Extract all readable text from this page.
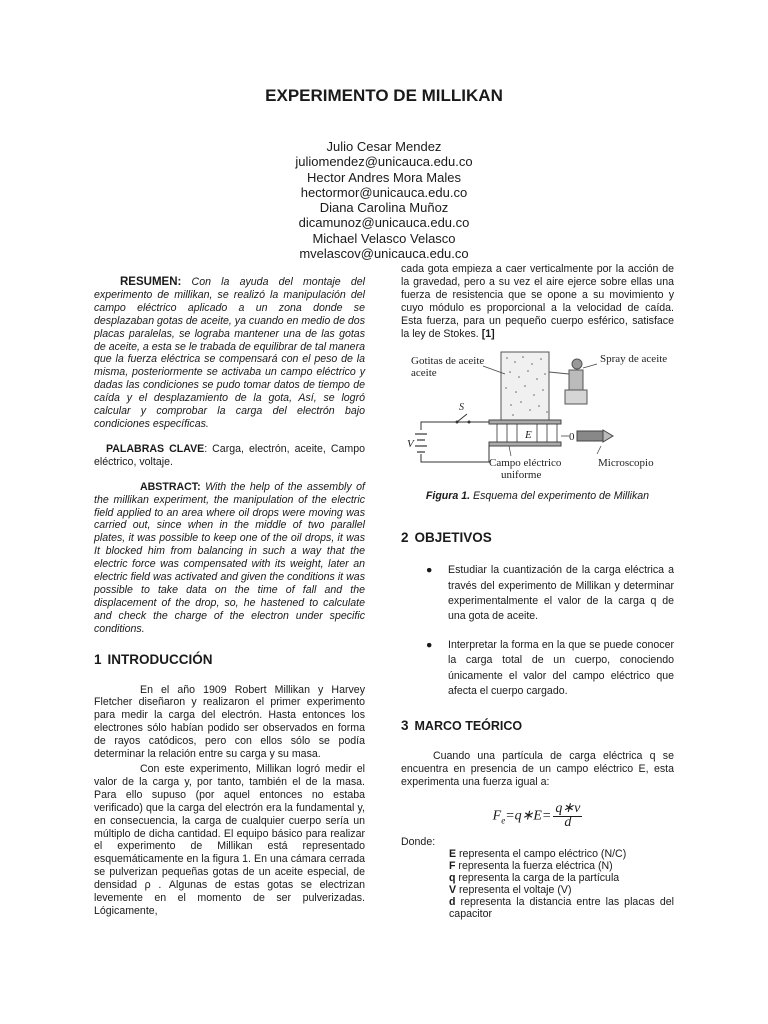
EXPERIMENTO DE MILLIKAN
Julio Cesar Mendez
juliomendez@unicauca.edu.co
Hector Andres Mora Males
hectormor@unicauca.edu.co
Diana Carolina Muñoz
dicamunoz@unicauca.edu.co
Michael Velasco Velasco
mvelascov@unicauca.edu.co

RESUMEN: Con la ayuda del montaje del experimento de millikan, se realizó la manipulación del campo eléctrico aplicado a un zona donde se desplazaban gotas de aceite, ya cuando en medio de dos placas paralelas, se lograba mantener una de las gotas de aceite, a esta se le trabada de equilibrar de tal manera que la fuerza eléctrica se compensará con el peso de la misma, posteriormente se activaba un campo eléctrico y dadas las condiciones se pudo tomar datos de tiempo de caída y el desplazamiento de la gota, Así, se logró calcular y comprobar la carga del electrón bajo condiciones específicas.

PALABRAS CLAVE: Carga, electrón, aceite, Campo eléctrico, voltaje.

ABSTRACT: With the help of the assembly of the millikan experiment, the manipulation of the electric field applied to an area where oil drops were moving was carried out, since when in the middle of two parallel plates, it was possible to keep one of the oil drops, it was It blocked him from balancing in such a way that the electric force was compensated with its weight, later an electric field was activated and given the conditions it was possible to take data on the time of fall and the displacement of the drop, so, he hastened to calculate and check the charge of the electron under specific conditions.

1 INTRODUCCIÓN

En el año 1909 Robert Millikan y Harvey Fletcher diseñaron y realizaron el primer experimento para medir la carga del electrón. Hasta entonces los electrones sólo habían podido ser observados en forma de rayos catódicos, pero con ellos sólo se podía determinar la relación entre su carga y su masa.

Con este experimento, Millikan logró medir el valor de la carga y, por tanto, también el de la masa. Para ello supuso (por aquel entonces no estaba verificado) que la carga del electrón era la fundamental y, en consecuencia, la carga de cualquier cuerpo sería un múltiplo de dicha cantidad. El equipo básico para realizar el experimento de Millikan está representado esquemáticamente en la figura 1. En una cámara cerrada se pulverizan pequeñas gotas de un aceite especial, de densidad ρ . Algunas de estas gotas se electrizan levemente en el momento de ser pulverizadas. Lógicamente,

cada gota empieza a caer verticalmente por la acción de la gravedad, pero a su vez el aire ejerce sobre ellas una fuerza de resistencia que se opone a su movimiento y cuyo módulo es proporcional a la velocidad de caída. Esta fuerza, para un pequeño cuerpo esférico, satisface la ley de Stokes. [1]

Gotitas de aceite
aceite
Spray de aceite
E
V
S
0
Microscopio
Campo eléctrico
uniforme

Figura 1. Esquema del experimento de Millikan

2 OBJETIVOS
● Estudiar la cuantización de la carga eléctrica a través del experimento de Millikan y determinar experimentalmente el valor de la carga q de una gota de aceite.
● Interpretar la forma en la que se puede conocer la carga total de un cuerpo, conociendo únicamente el valor del campo eléctrico que afecta el cuerpo cargado.
3 MARCO TEÓRICO

Cuando una partícula de carga eléctrica q se encuentra en presencia de un campo eléctrico E, esta experimenta una fuerza igual a:

$F_e=q∗E= \frac{q∗v}{d}$

Donde:

E representa el campo eléctrico (N/C)
F representa la fuerza eléctrica (N)
q representa la carga de la partícula
V representa el voltaje (V)
d representa la distancia entre las placas del capacitor
